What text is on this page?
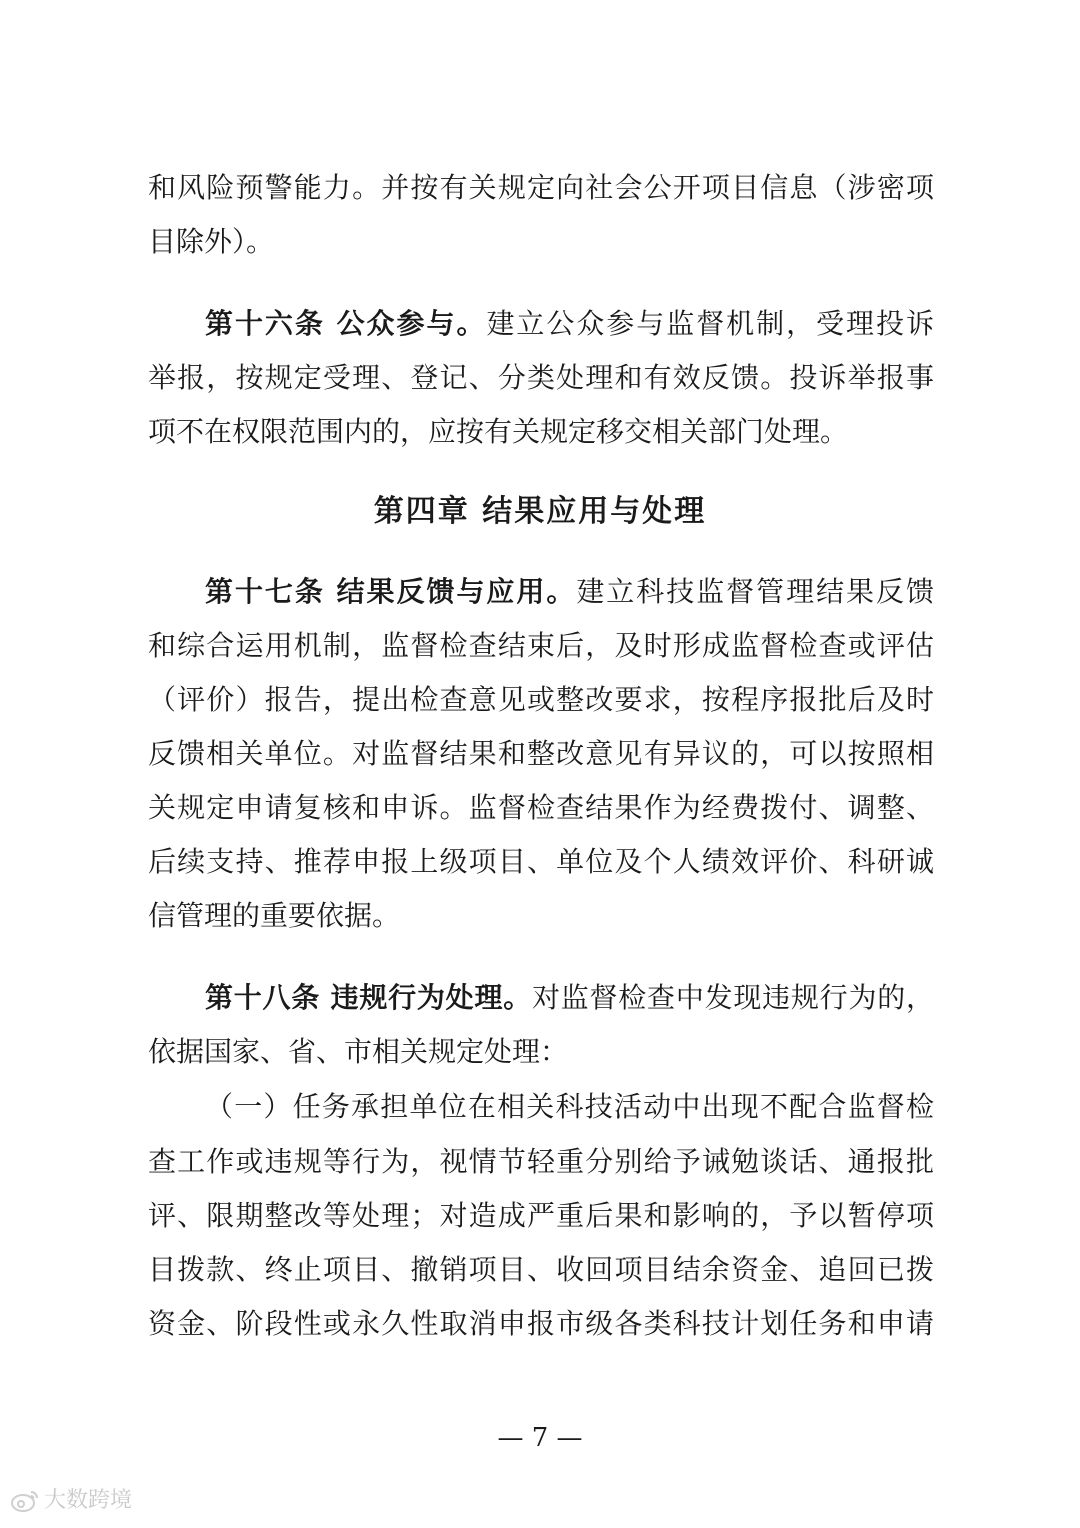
和风险预警能力。并按有关规定向社会公开项目信息（涉密项
目除外）。
第十六条 公众参与。建立公众参与监督机制，受理投诉
举报，按规定受理、登记、分类处理和有效反馈。投诉举报事
项不在权限范围内的，应按有关规定移交相关部门处理。
第四章 结果应用与处理
第十七条 结果反馈与应用。建立科技监督管理结果反馈
和综合运用机制，监督检查结束后，及时形成监督检查或评估
（评价）报告，提出检查意见或整改要求，按程序报批后及时
反馈相关单位。对监督结果和整改意见有异议的，可以按照相
关规定申请复核和申诉。监督检查结果作为经费拨付、调整、
后续支持、推荐申报上级项目、单位及个人绩效评价、科研诚
信管理的重要依据。
第十八条 违规行为处理。对监督检查中发现违规行为的，
依据国家、省、市相关规定处理：
（一）任务承担单位在相关科技活动中出现不配合监督检
查工作或违规等行为，视情节轻重分别给予诫勉谈话、通报批
评、限期整改等处理；对造成严重后果和影响的，予以暂停项
目拨款、终止项目、撤销项目、收回项目结余资金、追回已拨
资金、阶段性或永久性取消申报市级各类科技计划任务和申请
— 7 —
大数跨境
